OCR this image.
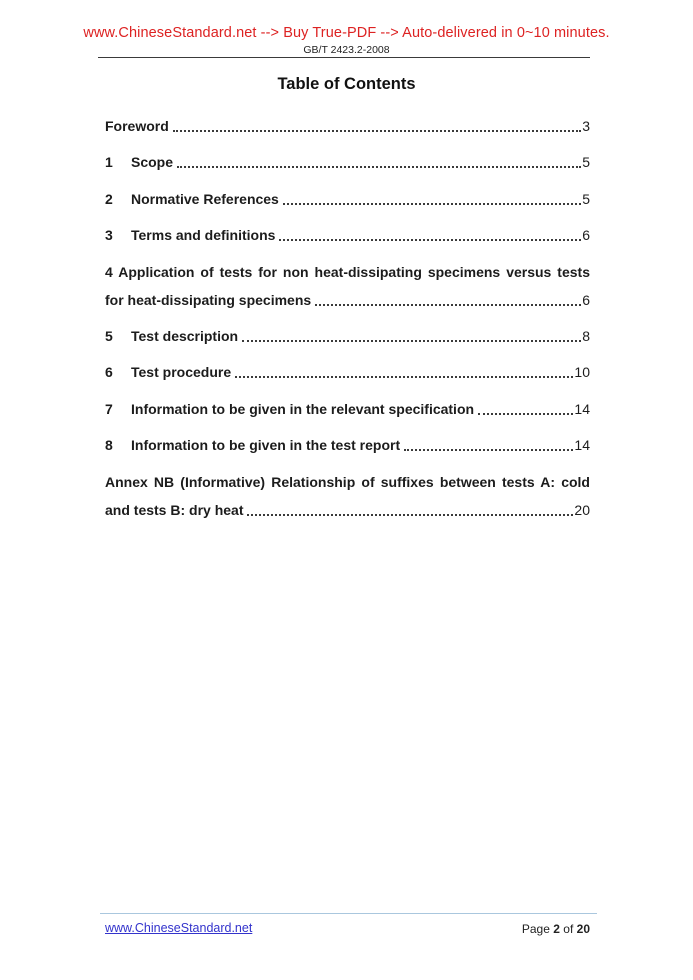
www.ChineseStandard.net --> Buy True-PDF --> Auto-delivered in 0~10 minutes.
GB/T 2423.2-2008
Table of Contents
Foreword	3
1	Scope	5
2	Normative References	5
3	Terms and definitions	6
4 Application of tests for non heat-dissipating specimens versus tests
for heat-dissipating specimens	6
5	Test description	8
6	Test procedure	10
7	Information to be given in the relevant specification	14
8	Information to be given in the test report	14
Annex NB (Informative) Relationship of suffixes between tests A: cold
and tests B: dry heat	20
www.ChineseStandard.net	Page 2 of 20
